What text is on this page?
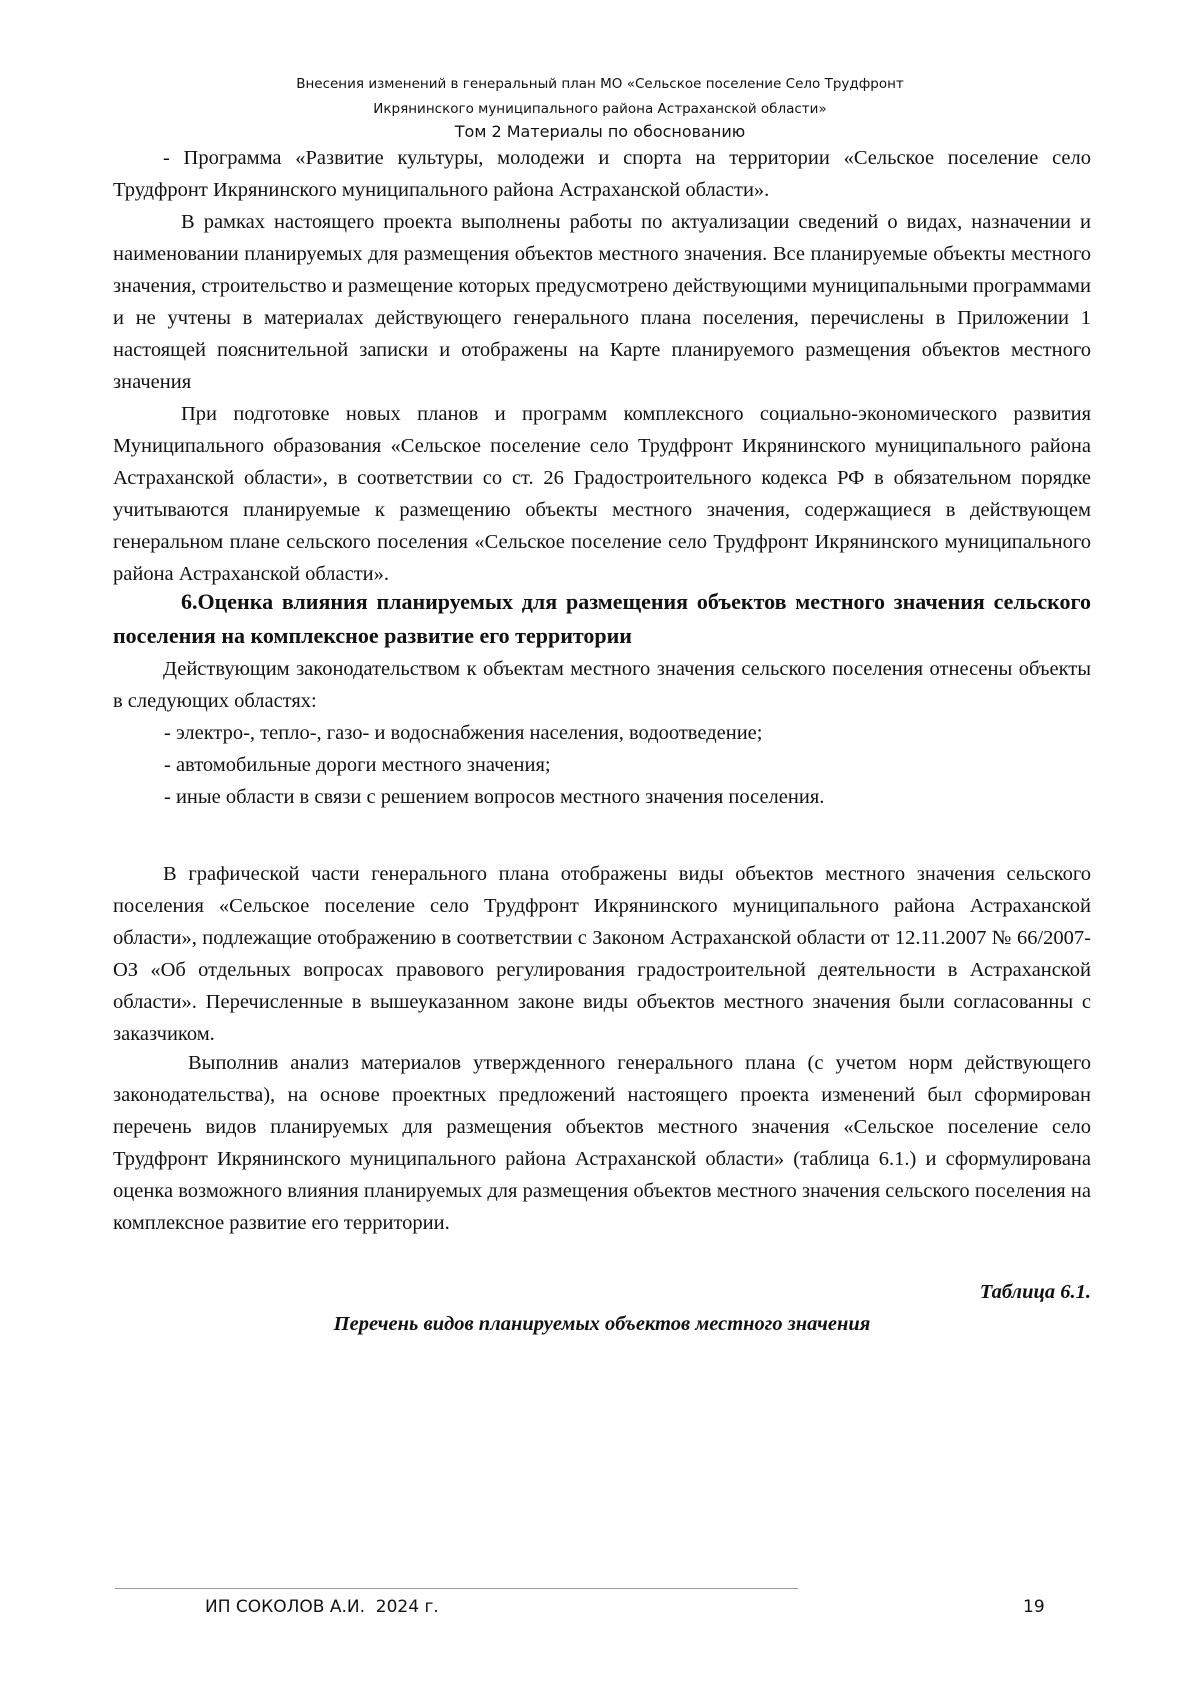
Внесения изменений в генеральный план МО «Сельское поселение Село Трудфронт
Икрянинского муниципального района Астраханской области»
Том 2 Материалы по обоснованию

- Программа «Развитие культуры, молодежи и спорта на территории «Сельское поселение село Трудфронт Икрянинского муниципального района Астраханской области».

В рамках настоящего проекта выполнены работы по актуализации сведений о видах, назначении и наименовании планируемых для размещения объектов местного значения. Все планируемые объекты местного значения, строительство и размещение которых предусмотрено действующими муниципальными программами и не учтены в материалах действующего генерального плана поселения, перечислены в Приложении 1 настоящей пояснительной записки и отображены на Карте планируемого размещения объектов местного значения

При подготовке новых планов и программ комплексного социально-экономического развития Муниципального образования «Сельское поселение село Трудфронт Икрянинского муниципального района Астраханской области», в соответствии со ст. 26 Градостроительного кодекса РФ в обязательном порядке учитываются планируемые к размещению объекты местного значения, содержащиеся в действующем генеральном плане сельского поселения «Сельское поселение село Трудфронт Икрянинского муниципального района Астраханской области».

6.Оценка влияния планируемых для размещения объектов местного значения сельского поселения на комплексное развитие его территории

Действующим законодательством к объектам местного значения сельского поселения отнесены объекты в следующих областях:

- электро-, тепло-, газо- и водоснабжения населения, водоотведение;

- автомобильные дороги местного значения;

- иные области в связи с решением вопросов местного значения поселения.

В графической части генерального плана отображены виды объектов местного значения сельского поселения «Сельское поселение село Трудфронт Икрянинского муниципального района Астраханской области», подлежащие отображению в соответствии с Законом Астраханской области от 12.11.2007 № 66/2007-ОЗ «Об отдельных вопросах правового регулирования градостроительной деятельности в Астраханской области». Перечисленные в вышеуказанном законе виды объектов местного значения были согласованны с заказчиком.

Выполнив анализ материалов утвержденного генерального плана (с учетом норм действующего законодательства), на основе проектных предложений настоящего проекта изменений был сформирован перечень видов планируемых для размещения объектов местного значения «Сельское поселение село Трудфронт Икрянинского муниципального района Астраханской области» (таблица 6.1.) и сформулирована оценка возможного влияния планируемых для размещения объектов местного значения сельского поселения на комплексное развитие его территории.

Таблица 6.1.

Перечень видов планируемых объектов местного значения

ИП СОКОЛОВ А.И.  2024 г.	19
